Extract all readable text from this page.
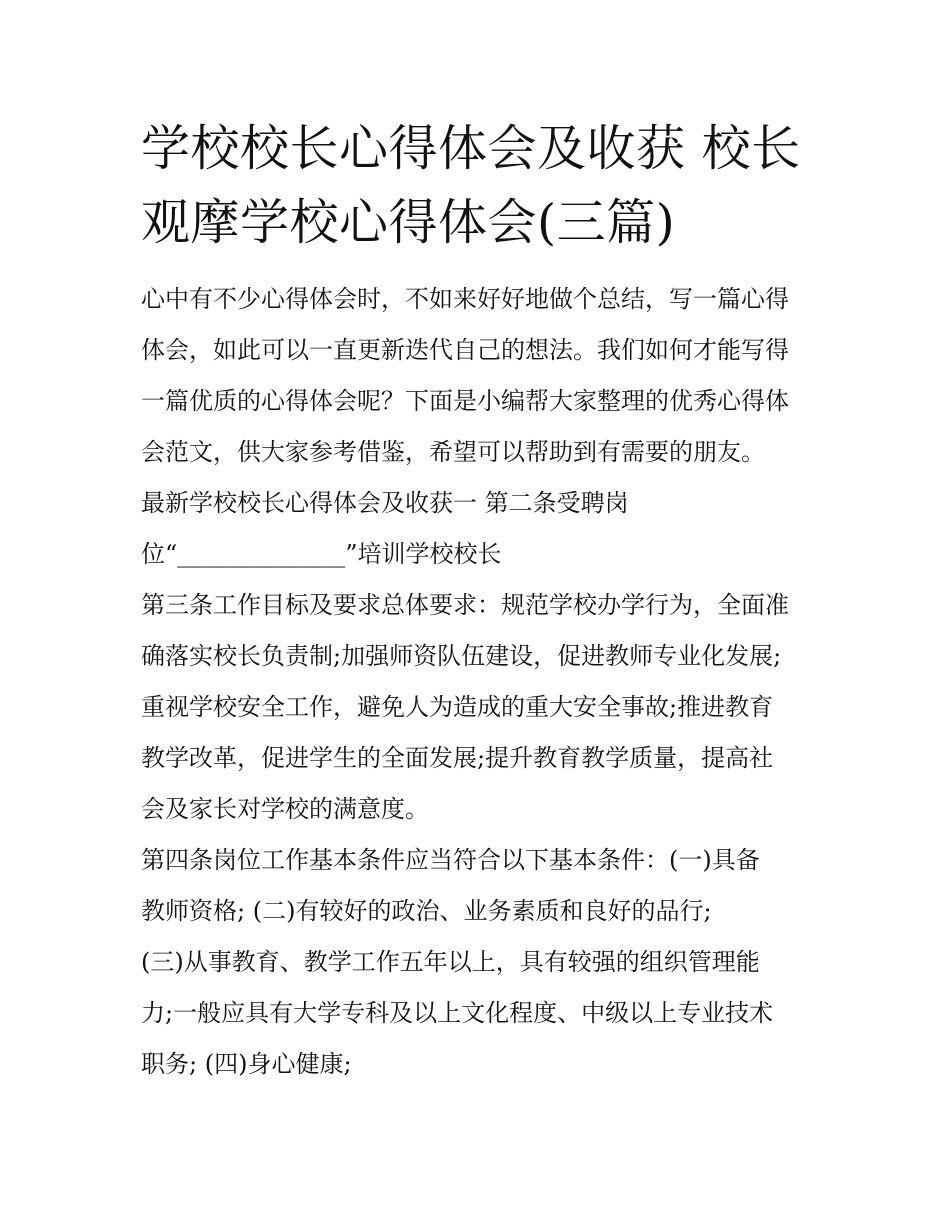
学校校长心得体会及收获 校长
观摩学校心得体会(三篇)
心中有不少心得体会时，不如来好好地做个总结，写一篇心得
体会，如此可以一直更新迭代自己的想法。我们如何才能写得
一篇优质的心得体会呢？下面是小编帮大家整理的优秀心得体
会范文，供大家参考借鉴，希望可以帮助到有需要的朋友。
最新学校校长心得体会及收获一 第二条受聘岗
位“______________”培训学校校长
第三条工作目标及要求总体要求：规范学校办学行为，全面准
确落实校长负责制;加强师资队伍建设，促进教师专业化发展;
重视学校安全工作，避免人为造成的重大安全事故;推进教育
教学改革，促进学生的全面发展;提升教育教学质量，提高社
会及家长对学校的满意度。
第四条岗位工作基本条件应当符合以下基本条件：(一)具备
教师资格; (二)有较好的政治、业务素质和良好的品行;
(三)从事教育、教学工作五年以上，具有较强的组织管理能
力;一般应具有大学专科及以上文化程度、中级以上专业技术
职务; (四)身心健康;
